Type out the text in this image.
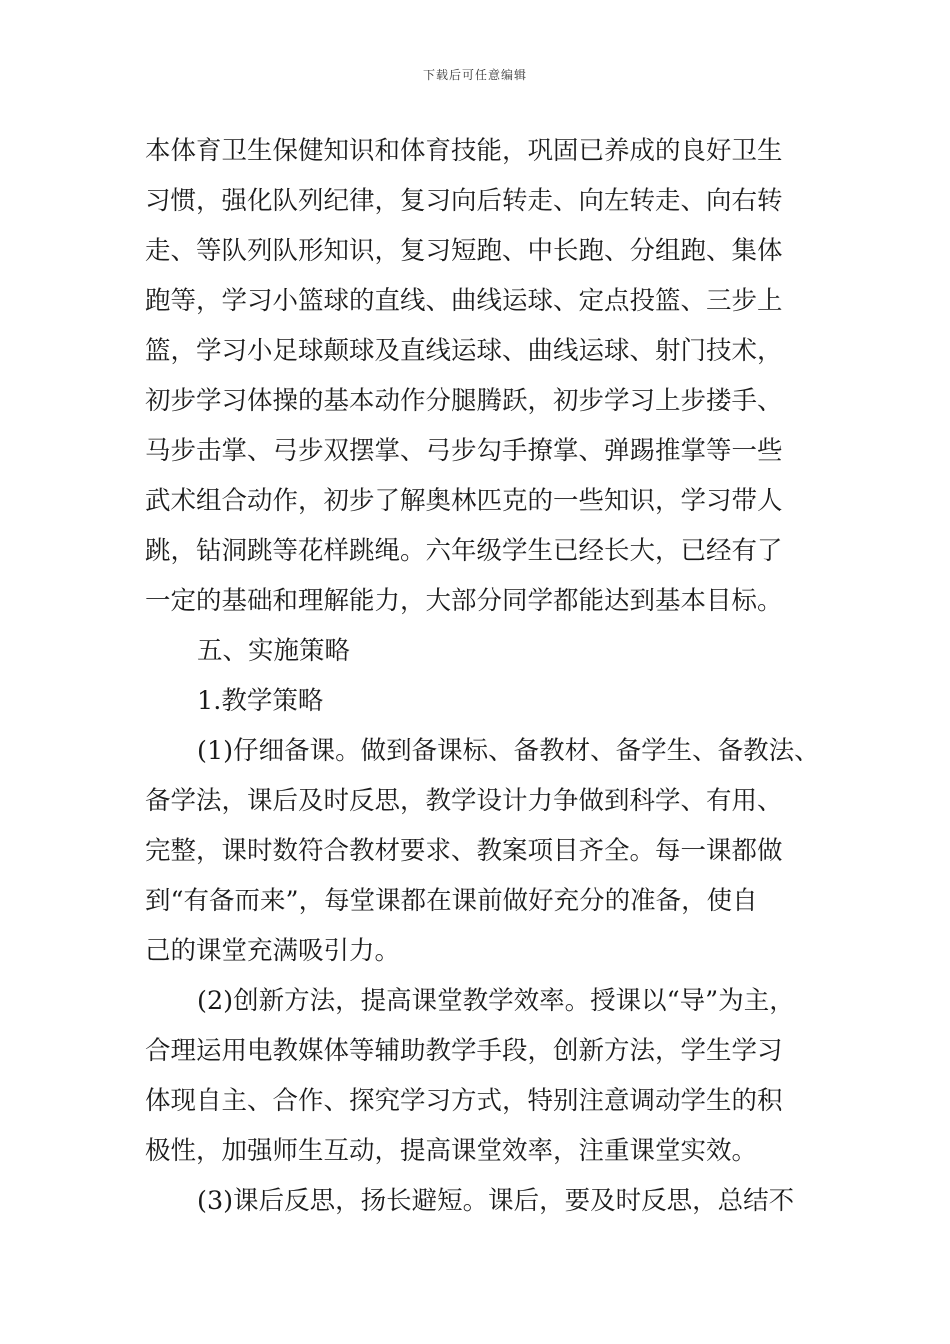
下载后可任意编辑
本体育卫生保健知识和体育技能，巩固已养成的良好卫生
习惯，强化队列纪律，复习向后转走、向左转走、向右转
走、等队列队形知识，复习短跑、中长跑、分组跑、集体
跑等，学习小篮球的直线、曲线运球、定点投篮、三步上
篮，学习小足球颠球及直线运球、曲线运球、射门技术，
初步学习体操的基本动作分腿腾跃，初步学习上步搂手、
马步击掌、弓步双摆掌、弓步勾手撩掌、弹踢推掌等一些
武术组合动作，初步了解奥林匹克的一些知识，学习带人
跳，钻洞跳等花样跳绳。六年级学生已经长大，已经有了
一定的基础和理解能力，大部分同学都能达到基本目标。
五、实施策略
1.教学策略
(1)仔细备课。做到备课标、备教材、备学生、备教法、
备学法，课后及时反思，教学设计力争做到科学、有用、
完整，课时数符合教材要求、教案项目齐全。每一课都做
到“有备而来”，每堂课都在课前做好充分的准备，使自
己的课堂充满吸引力。
(2)创新方法，提高课堂教学效率。授课以“导”为主，
合理运用电教媒体等辅助教学手段，创新方法，学生学习
体现自主、合作、探究学习方式，特别注意调动学生的积
极性，加强师生互动，提高课堂效率，注重课堂实效。
(3)课后反思，扬长避短。课后，要及时反思，总结不
